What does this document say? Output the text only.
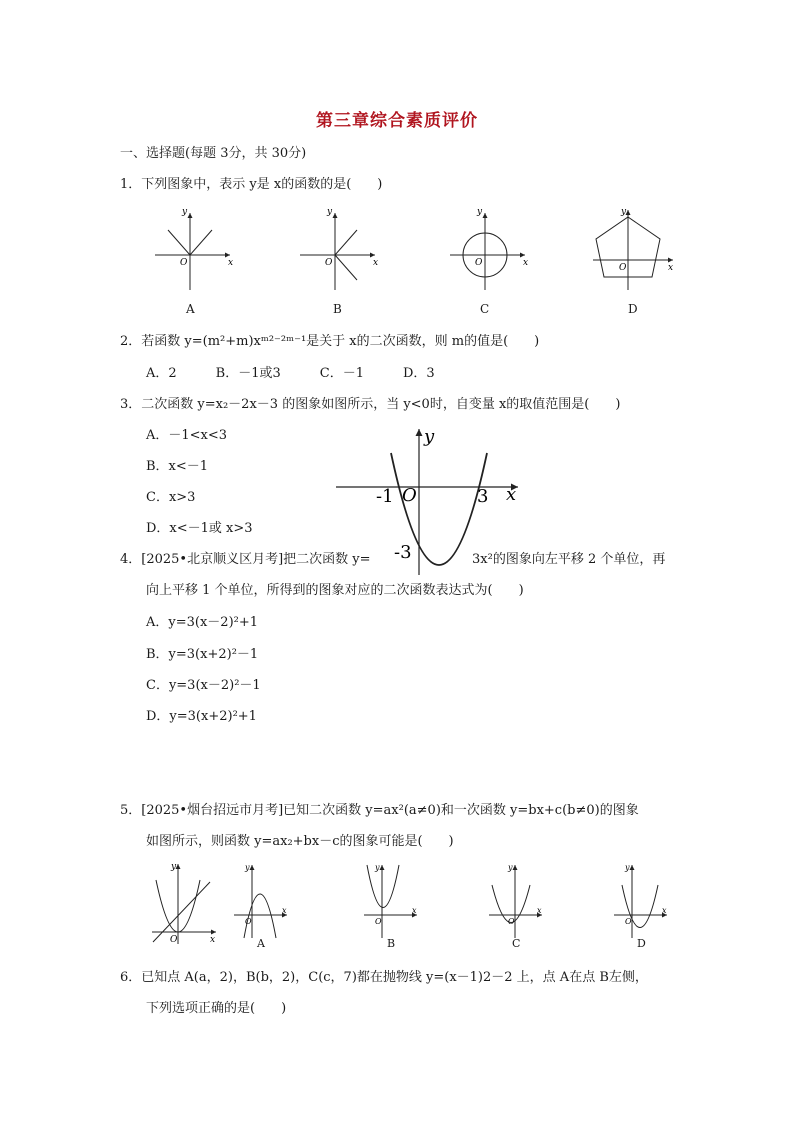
第三章综合素质评价
一、选择题(每题 3分，共 30分)
1．下列图象中，表示 y是 x的函数的是(　　)
y
x
O
A
y
x
O
B
y
x
O
C
y
x
O
D
2．若函数 y=(m²+m)xᵐ²⁻²ᵐ⁻¹是关于 x的二次函数，则 m的值是(　　)
A．2　　　B．－1或3　　　C．－1　　　D．3
3．二次函数 y=x₂－2x－3 的图象如图所示，当 y<0时，自变量 x的取值范围是(　　)
A．－1<x<3
B．x<－1
C．x>3
D．x<－1或 x>3
y
x
O
-1	3
-3
4．[2025•北京顺义区月考]把二次函数 y=	3x²的图象向左平移 2 个单位，再
向上平移 1 个单位，所得到的图象对应的二次函数表达式为(　　)
A．y=3(x－2)²+1
B．y=3(x+2)²－1
C．y=3(x－2)²－1
D．y=3(x+2)²+1
5．[2025•烟台招远市月考]已知二次函数 y=ax²(a≠0)和一次函数 y=bx+c(b≠0)的图象
如图所示，则函数 y=ax₂+bx－c的图象可能是(　　)
y
x
O
y
x
O
A
y
x
O
B
y
x
O
C
y
x
O
D
6．已知点 A(a，2)，B(b，2)，C(c，7)都在抛物线 y=(x－1)2－2 上，点 A在点 B左侧，
下列选项正确的是(　　)
